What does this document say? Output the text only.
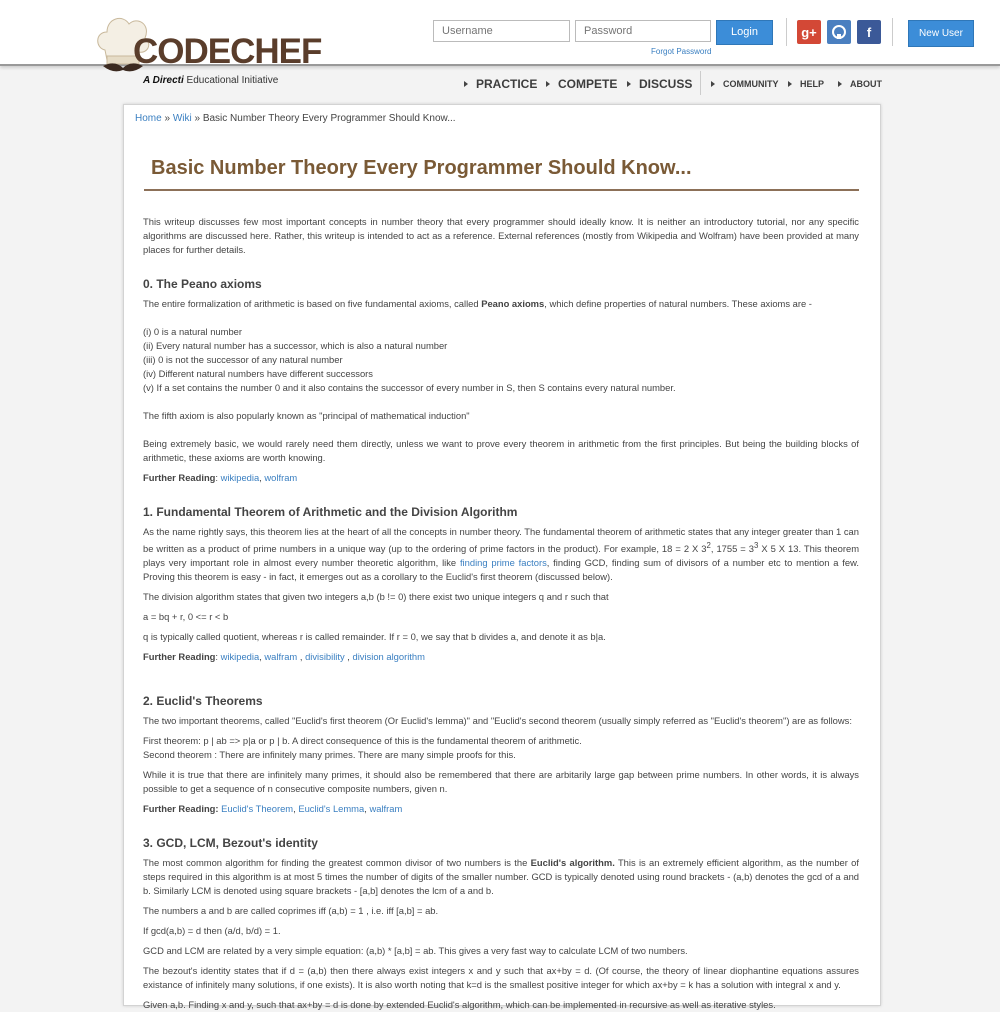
CODECHEF
A Directi Educational Initiative
Username
Login
Forgot Password
g+	f	New User
PRACTICE COMPETE DISCUSS	COMMUNITY HELP	ABOUT
Home » Wiki » Basic Number Theory Every Programmer Should Know...
Basic Number Theory Every Programmer Should Know...

This writeup discusses few most important concepts in number theory that every programmer should ideally know. It is neither an introductory tutorial, nor any specific algorithms are discussed here. Rather, this writeup is intended to act as a reference. External references (mostly from Wikipedia and Wolfram) have been provided at many places for further details.

0. The Peano axioms

The entire formalization of arithmetic is based on five fundamental axioms, called Peano axioms, which define properties of natural numbers. These axioms are -

(i) 0 is a natural number

(ii) Every natural number has a successor, which is also a natural number

(iii) 0 is not the successor of any natural number

(iv) Different natural numbers have different successors

(v) If a set contains the number 0 and it also contains the successor of every number in S, then S contains every natural number.

The fifth axiom is also popularly known as "principal of mathematical induction"

Being extremely basic, we would rarely need them directly, unless we want to prove every theorem in arithmetic from the first principles. But being the building blocks of arithmetic, these axioms are worth knowing.

Further Reading: wikipedia, wolfram

1. Fundamental Theorem of Arithmetic and the Division Algorithm

As the name rightly says, this theorem lies at the heart of all the concepts in number theory. The fundamental theorem of arithmetic states that any integer greater than 1 can be written as a product of prime numbers in a unique way (up to the ordering of prime factors in the product). For example, 18 = 2 X $3^2$, $1755 = 3^3$ X 5 X 13. This theorem plays very important role in almost every number theoretic algorithm, like finding prime factors, finding GCD, finding sum of divisors of a number etc to mention a few. Proving this theorem is easy - in fact, it emerges out as a corollary to the Euclid's first theorem (discussed below).

The division algorithm states that given two integers a,b (b != 0) there exist two unique integers q and r such that

a = bq + r, 0 <= r < b

q is typically called quotient, whereas r is called remainder. If r = 0, we say that b divides a, and denote it as b|a.

Further Reading: wikipedia, walfram , divisibility , division algorithm

2. Euclid's Theorems

The two important theorems, called "Euclid's first theorem (Or Euclid's lemma)" and "Euclid's second theorem (usually simply referred as "Euclid's theorem") are as follows:

First theorem: p | ab => p|a or p | b. A direct consequence of this is the fundamental theorem of arithmetic.

Second theorem : There are infinitely many primes. There are many simple proofs for this.

While it is true that there are infinitely many primes, it should also be remembered that there are arbitarily large gap between prime numbers. In other words, it is always possible to get a sequence of n consecutive composite numbers, given n.

Further Reading: Euclid's Theorem, Euclid's Lemma, walfram

3. GCD, LCM, Bezout's identity

The most common algorithm for finding the greatest common divisor of two numbers is the Euclid's algorithm. This is an extremely efficient algorithm, as the number of steps required in this algorithm is at most 5 times the number of digits of the smaller number. GCD is typically denoted using round brackets - (a,b) denotes the gcd of a and b. Similarly LCM is denoted using square brackets - [a,b] denotes the lcm of a and b.

The numbers a and b are called coprimes iff (a,b) = 1 , i.e. iff [a,b] = ab.

If gcd(a,b) = d then (a/d, b/d) = 1.

GCD and LCM are related by a very simple equation: (a,b) * [a,b] = ab. This gives a very fast way to calculate LCM of two numbers.

The bezout's identity states that if d = (a,b) then there always exist integers x and y such that ax+by = d. (Of course, the theory of linear diophantine equations assures existance of infinitely many solutions, if one exists). It is also worth noting that k=d is the smallest positive integer for which ax+by = k has a solution with integral x and y.

Given a,b. Finding x and y, such that ax+by = d is done by extended Euclid's algorithm, which can be implemented in recursive as well as iterative styles.
